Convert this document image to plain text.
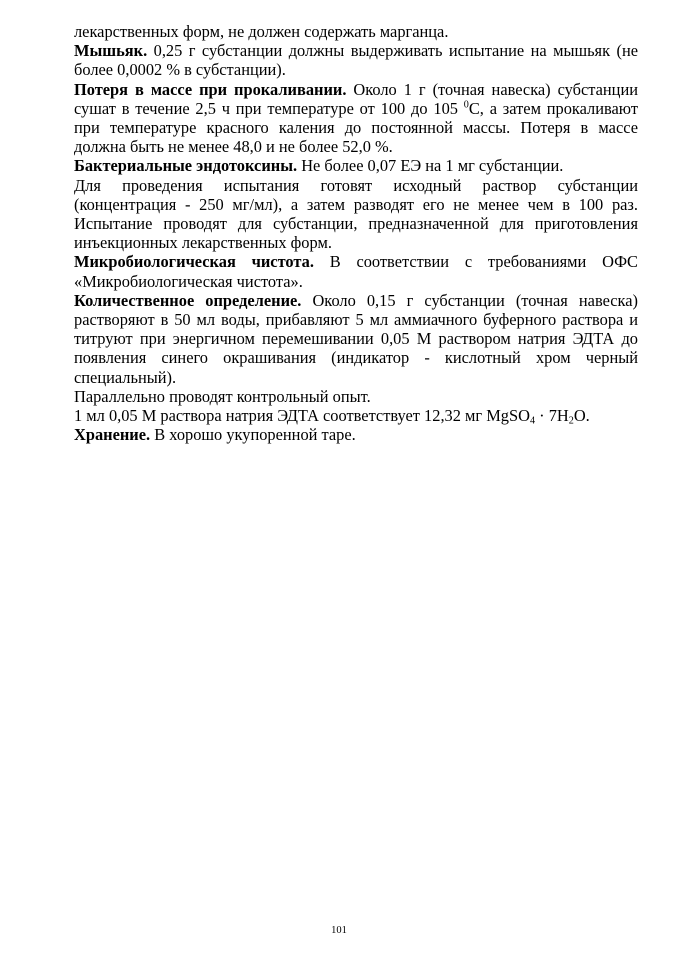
лекарственных форм, не должен содержать марганца.

Мышьяк. 0,25 г субстанции должны выдерживать испытание на мышьяк (не более 0,0002 % в субстанции).

Потеря в массе при прокаливании. Около 1 г (точная навеска) субстанции сушат в течение 2,5 ч при температуре от 100 до 105 $^0$С, а затем прокаливают при температуре красного каления до постоянной массы. Потеря в массе должна быть не менее 48,0 и не более 52,0 %.

Бактериальные эндотоксины. Не более 0,07 ЕЭ на 1 мг субстанции.

Для проведения испытания готовят исходный раствор субстанции (концентрация - 250 мг/мл), а затем разводят его не менее чем в 100 раз. Испытание проводят для субстанции, предназначенной для приготовления инъекционных лекарственных форм.

Микробиологическая чистота. В соответствии с требованиями ОФС «Микробиологическая чистота».

Количественное определение. Около 0,15 г субстанции (точная навеска) растворяют в 50 мл воды, прибавляют 5 мл аммиачного буферного раствора и титруют при энергичном перемешивании 0,05 М раствором натрия ЭДТА до появления синего окрашивания (индикатор - кислотный хром черный специальный).

Параллельно проводят контрольный опыт.

1 мл 0,05 М раствора натрия ЭДТА соответствует 12,32 мг MgSO$_4$ · $7H_2O$.

Хранение. В хорошо укупоренной таре.

101
